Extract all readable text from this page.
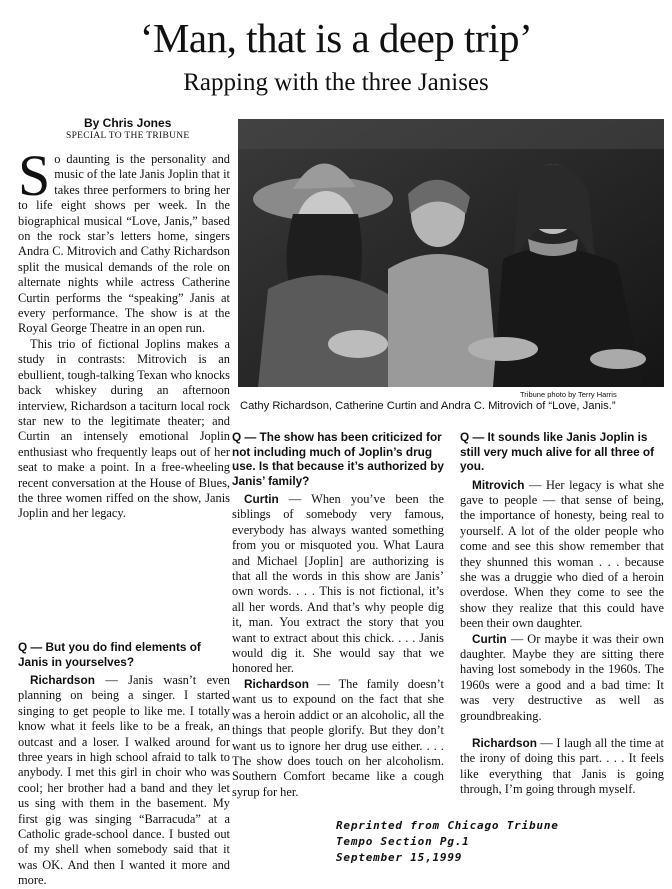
‘Man, that is a deep trip’
Rapping with the three Janises
By Chris Jones
SPECIAL TO THE TRIBUNE
S o daunting is the personality and music of the late Janis Joplin that it takes three performers to bring her to life eight shows per week. In the biographical musical “Love, Janis,” based on the rock star’s letters home, singers Andra C. Mitrovich and Cathy Richardson split the musical demands of the role on alternate nights while actress Catherine Curtin performs the “speaking” Janis at every performance. The show is at the Royal George Theatre in an open run.

This trio of fictional Joplins makes a study in contrasts: Mitrovich is an ebullient, tough-talking Texan who knocks back whiskey during an afternoon interview, Richardson a taciturn local rock star new to the legitimate theater; and Curtin an intensely emotional Joplin enthusiast who frequently leaps out of her seat to make a point. In a free-wheeling recent conversation at the House of Blues, the three women riffed on the show, Janis Joplin and her legacy.

Q — But you do find elements of Janis in yourselves?

Richardson — Janis wasn’t even planning on being a singer. I started singing to get people to like me. I totally know what it feels like to be a freak, an outcast and a loser. I walked around for three years in high school afraid to talk to anybody. I met this girl in choir who was cool; her brother had a band and they let us sing with them in the basement. My first gig was singing “Barracuda” at a Catholic grade-school dance. I busted out of my shell when somebody said that it was OK. And then I wanted it more and more.

Q — The show has been criticized for not including much of Joplin’s drug use. Is that because it’s authorized by Janis’ family?

Curtin — When you’ve been the siblings of somebody very famous, everybody has always wanted something from you or misquoted you. What Laura and Michael [Joplin] are authorizing is that all the words in this show are Janis’ own words. . . . This is not fictional, it’s all her words. And that’s why people dig it, man. You extract the story that you want to extract about this chick. . . . Janis would dig it. She would say that we honored her.

Richardson — The family doesn’t want us to expound on the fact that she was a heroin addict or an alcoholic, all the things that people glorify. But they don’t want us to ignore her drug use either. . . . The show does touch on her alcoholism. Southern Comfort became like a cough syrup for her.

Q — It sounds like Janis Joplin is still very much alive for all three of you.

Mitrovich — Her legacy is what she gave to people — that sense of being, the importance of honesty, being real to yourself. A lot of the older people who come and see this show remember that they shunned this woman . . . because she was a druggie who died of a heroin overdose. When they come to see the show they realize that this could have been their own daughter.

Curtin — Or maybe it was their own daughter. Maybe they are sitting there having lost somebody in the 1960s. The 1960s were a good and a bad time: It was very destructive as well as groundbreaking.

Richardson — I laugh all the time at the irony of doing this part. . . . It feels like everything that Janis is going through, I’m going through myself.

Tribune photo by Terry Harris
Cathy Richardson, Catherine Curtin and Andra C. Mitrovich of “Love, Janis.”
Reprinted from Chicago Tribune
Tempo Section Pg.1
September 15,1999
